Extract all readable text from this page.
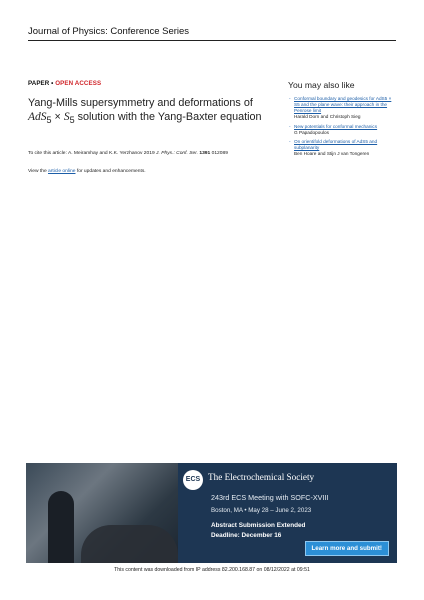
Journal of Physics: Conference Series
PAPER • OPEN ACCESS
Yang-Mills supersymmetry and deformations of
$AdS_5 \times S_5$ solution with the Yang-Baxter equation
To cite this article: A. Meiramhay and K.K. Yerzhanov 2019 J. Phys.: Conf. Ser. 1391 012089
View the article online for updates and enhancements.
You may also like
- Conformal boundary and geodesics for AdS5 × S5 and the plane wave: their approach in the Penrose limit
Harald Dorn and Christoph Sieg
- New potentials for conformal mechanics
G Papadopoulos
- On orientifold deformations of AdS5 and subplanarity
Ben Hoare and Stijn J van Tongeren
ECS The Electrochemical Society
243rd ECS Meeting with SOFC-XVIII
Boston, MA • May 28 – June 2, 2023
Abstract Submission Extended
Deadline: December 16
Learn more and submit!
This content was downloaded from IP address 82.200.168.87 on 08/12/2022 at 09:51
